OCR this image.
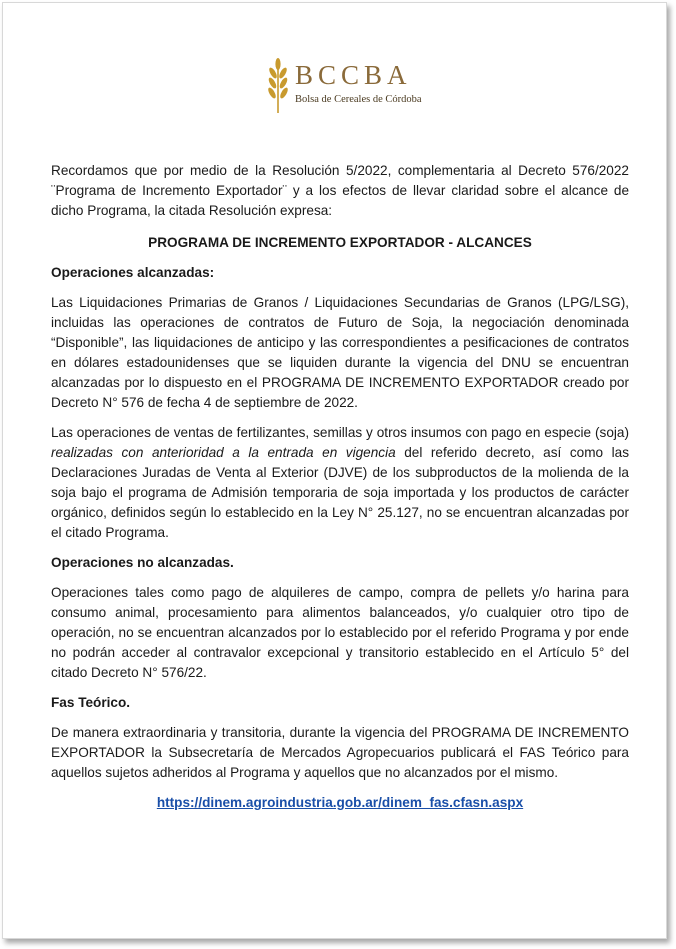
BCCBA
Bolsa de Cereales de Córdoba

Recordamos que por medio de la Resolución 5/2022, complementaria al Decreto 576/2022 ¨Programa de Incremento Exportador¨ y a los efectos de llevar claridad sobre el alcance de dicho Programa, la citada Resolución expresa:

PROGRAMA DE INCREMENTO EXPORTADOR - ALCANCES

Operaciones alcanzadas:

Las Liquidaciones Primarias de Granos / Liquidaciones Secundarias de Granos (LPG/LSG), incluidas las operaciones de contratos de Futuro de Soja, la negociación denominada “Disponible”, las liquidaciones de anticipo y las correspondientes a pesificaciones de contratos en dólares estadounidenses que se liquiden durante la vigencia del DNU se encuentran alcanzadas por lo dispuesto en el PROGRAMA DE INCREMENTO EXPORTADOR creado por Decreto N° 576 de fecha 4 de septiembre de 2022.

Las operaciones de ventas de fertilizantes, semillas y otros insumos con pago en especie (soja) realizadas con anterioridad a la entrada en vigencia del referido decreto, así como las Declaraciones Juradas de Venta al Exterior (DJVE) de los subproductos de la molienda de la soja bajo el programa de Admisión temporaria de soja importada y los productos de carácter orgánico, definidos según lo establecido en la Ley N° 25.127, no se encuentran alcanzadas por el citado Programa.

Operaciones no alcanzadas.

Operaciones tales como pago de alquileres de campo, compra de pellets y/o harina para consumo animal, procesamiento para alimentos balanceados, y/o cualquier otro tipo de operación, no se encuentran alcanzados por lo establecido por el referido Programa y por ende no podrán acceder al contravalor excepcional y transitorio establecido en el Artículo 5° del citado Decreto N° 576/22.

Fas Teórico.

De manera extraordinaria y transitoria, durante la vigencia del PROGRAMA DE INCREMENTO EXPORTADOR la Subsecretaría de Mercados Agropecuarios publicará el FAS Teórico para aquellos sujetos adheridos al Programa y aquellos que no alcanzados por el mismo.

https://dinem.agroindustria.gob.ar/dinem_fas.cfasn.aspx
